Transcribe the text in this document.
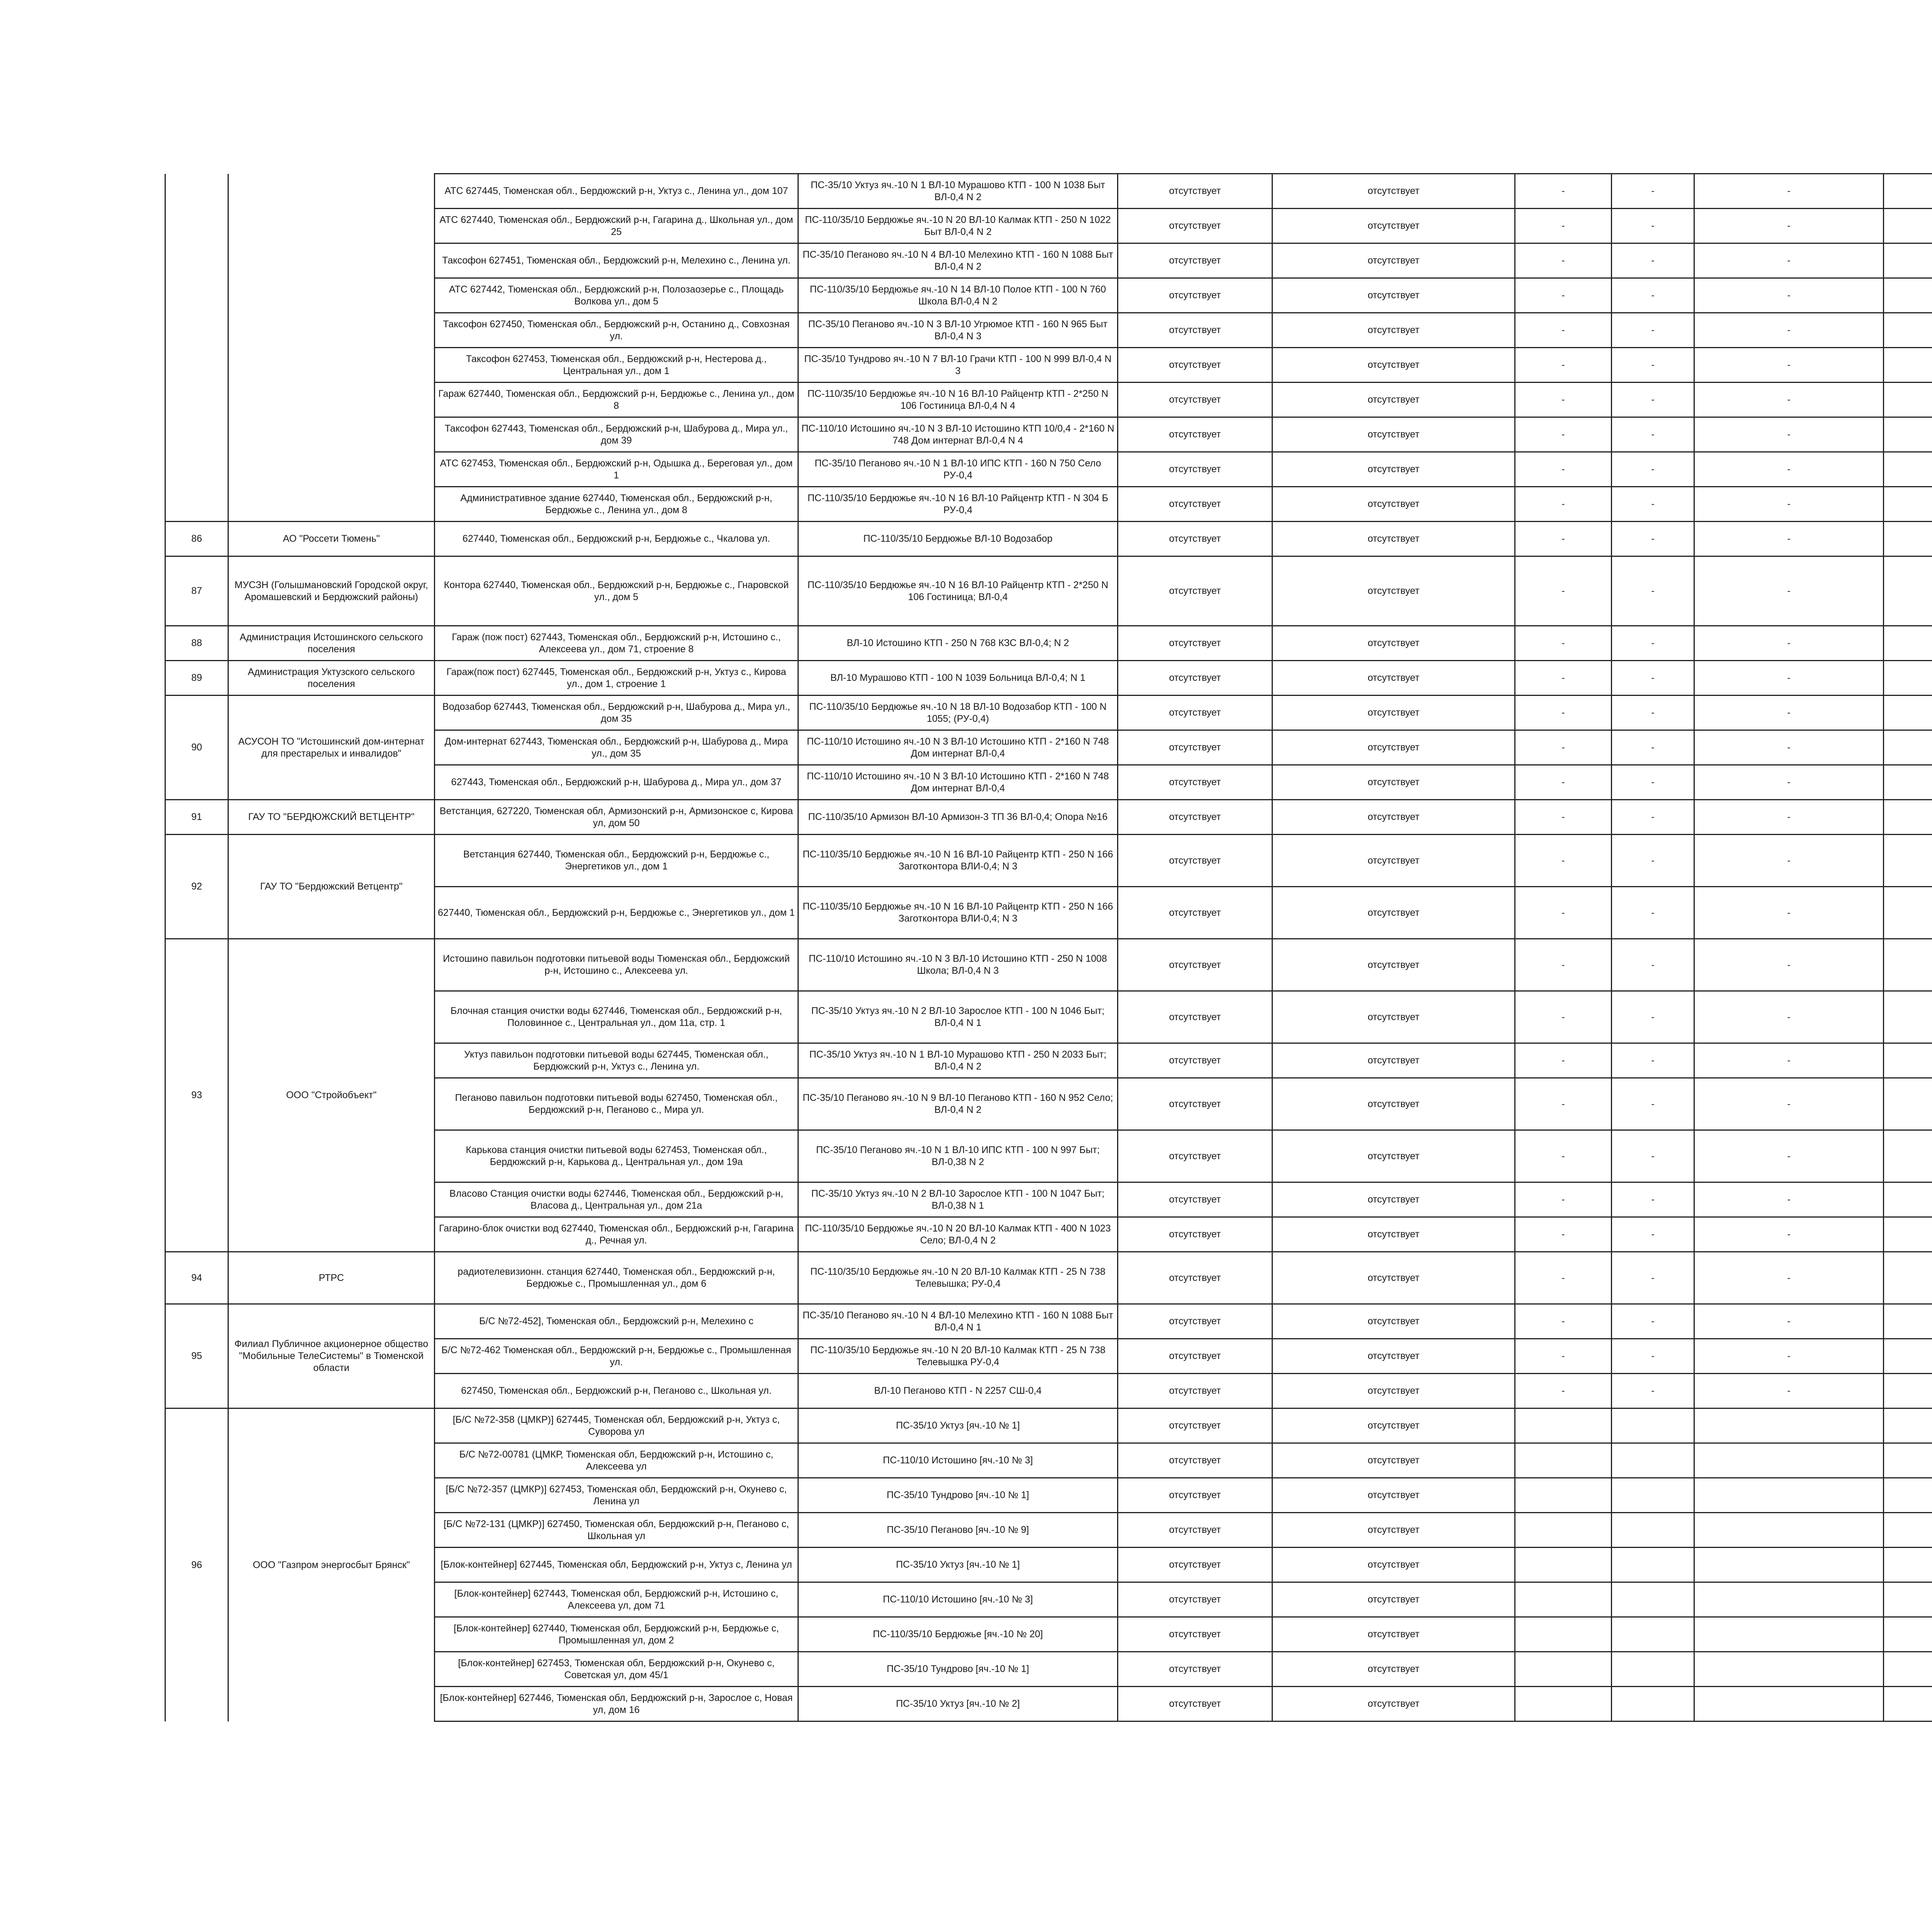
		АТС 627445, Тюменская обл., Бердюжский р-н, Уктуз с., Ленина ул., дом 107	ПС-35/10 Уктуз яч.-10 N 1 ВЛ-10 Мурашово КТП - 100 N 1038 Быт ВЛ-0,4 N 2	отсутствует	отсутствует	-	-	-		
		АТС 627440, Тюменская обл., Бердюжский р-н, Гагарина д., Школьная ул., дом 25	ПС-110/35/10 Бердюжье яч.-10 N 20 ВЛ-10 Калмак КТП - 250 N 1022 Быт ВЛ-0,4 N 2	отсутствует	отсутствует	-	-	-		
		Таксофон 627451, Тюменская обл., Бердюжский р-н, Мелехино с., Ленина ул.	ПС-35/10 Пеганово яч.-10 N 4 ВЛ-10 Мелехино КТП - 160 N 1088 Быт ВЛ-0,4 N 2	отсутствует	отсутствует	-	-	-		
		АТС 627442, Тюменская обл., Бердюжский р-н, Полозаозерье с., Площадь Волкова ул., дом 5	ПС-110/35/10 Бердюжье яч.-10 N 14 ВЛ-10 Полое КТП - 100 N 760 Школа ВЛ-0,4 N 2	отсутствует	отсутствует	-	-	-		
		Таксофон 627450, Тюменская обл., Бердюжский р-н, Останино д., Совхозная ул.	ПС-35/10 Пеганово яч.-10 N 3 ВЛ-10 Угрюмое КТП - 160 N 965 Быт ВЛ-0,4 N 3	отсутствует	отсутствует	-	-	-		
		Таксофон 627453, Тюменская обл., Бердюжский р-н, Нестерова д., Центральная ул., дом 1	ПС-35/10 Тундрово яч.-10 N 7 ВЛ-10 Грачи КТП - 100 N 999 ВЛ-0,4 N 3	отсутствует	отсутствует	-	-	-		
		Гараж 627440, Тюменская обл., Бердюжский р-н, Бердюжье с., Ленина ул., дом 8	ПС-110/35/10 Бердюжье яч.-10 N 16 ВЛ-10 Райцентр КТП - 2*250 N 106 Гостиница ВЛ-0,4 N 4	отсутствует	отсутствует	-	-	-		
		Таксофон 627443, Тюменская обл., Бердюжский р-н, Шабурова д., Мира ул., дом 39	ПС-110/10 Истошино яч.-10 N 3 ВЛ-10 Истошино КТП 10/0,4 - 2*160 N 748 Дом интернат ВЛ-0,4 N 4	отсутствует	отсутствует	-	-	-		
		АТС 627453, Тюменская обл., Бердюжский р-н, Одышка д., Береговая ул., дом 1	ПС-35/10 Пеганово яч.-10 N 1 ВЛ-10 ИПС КТП - 160 N 750 Село РУ-0,4	отсутствует	отсутствует	-	-	-		
		Административное здание 627440, Тюменская обл., Бердюжский р-н, Бердюжье с., Ленина ул., дом 8	ПС-110/35/10 Бердюжье яч.-10 N 16 ВЛ-10 Райцентр КТП - N 304 Б РУ-0,4	отсутствует	отсутствует	-	-	-		
86	АО "Россети Тюмень"	627440, Тюменская обл., Бердюжский р-н, Бердюжье с., Чкалова ул.	ПС-110/35/10 Бердюжье ВЛ-10 Водозабор	отсутствует	отсутствует	-	-	-		
87	МУСЗН (Голышмановский Городской округ, Аромашевский и Бердюжский районы)	Контора 627440, Тюменская обл., Бердюжский р-н, Бердюжье с., Гнаровской ул., дом 5	ПС-110/35/10 Бердюжье яч.-10 N 16 ВЛ-10 Райцентр КТП - 2*250 N 106 Гостиница; ВЛ-0,4	отсутствует	отсутствует	-	-	-		
88	Администрация Истошинского сельского поселения	Гараж (пож пост) 627443, Тюменская обл., Бердюжский р-н, Истошино с., Алексеева ул., дом 71, строение 8	ВЛ-10 Истошино КТП - 250 N 768 КЗС ВЛ-0,4; N 2	отсутствует	отсутствует	-	-	-		
89	Администрация Уктузского сельского поселения	Гараж(пож пост) 627445, Тюменская обл., Бердюжский р-н, Уктуз с., Кирова ул., дом 1, строение 1	ВЛ-10 Мурашово КТП - 100 N 1039 Больница ВЛ-0,4; N 1	отсутствует	отсутствует	-	-	-		
90	АСУСОН ТО "Истошинский дом-интернат для престарелых и инвалидов"	Водозабор 627443, Тюменская обл., Бердюжский р-н, Шабурова д., Мира ул., дом 35	ПС-110/35/10 Бердюжье яч.-10 N 18 ВЛ-10 Водозабор КТП - 100 N 1055; (РУ-0,4)	отсутствует	отсутствует	-	-	-		
		Дом-интернат 627443, Тюменская обл., Бердюжский р-н, Шабурова д., Мира ул., дом 35	ПС-110/10 Истошино яч.-10 N 3 ВЛ-10 Истошино КТП - 2*160 N 748 Дом интернат ВЛ-0,4	отсутствует	отсутствует	-	-	-		
		627443, Тюменская обл., Бердюжский р-н, Шабурова д., Мира ул., дом 37	ПС-110/10 Истошино яч.-10 N 3 ВЛ-10 Истошино КТП - 2*160 N 748 Дом интернат ВЛ-0,4	отсутствует	отсутствует	-	-	-		
91	ГАУ ТО "БЕРДЮЖСКИЙ ВЕТЦЕНТР"	Ветстанция, 627220, Тюменская обл, Армизонский р-н, Армизонское с, Кирова ул, дом 50	ПС-110/35/10 Армизон ВЛ-10 Армизон-3 ТП 36 ВЛ-0,4; Опора №16	отсутствует	отсутствует	-	-	-		
92	ГАУ ТО "Бердюжский Ветцентр"	Ветстанция 627440, Тюменская обл., Бердюжский р-н, Бердюжье с., Энергетиков ул., дом 1	ПС-110/35/10 Бердюжье яч.-10 N 16 ВЛ-10 Райцентр КТП - 250 N 166 Заготконтора ВЛИ-0,4; N 3	отсутствует	отсутствует	-	-	-		
		627440, Тюменская обл., Бердюжский р-н, Бердюжье с., Энергетиков ул., дом 1	ПС-110/35/10 Бердюжье яч.-10 N 16 ВЛ-10 Райцентр КТП - 250 N 166 Заготконтора ВЛИ-0,4; N 3	отсутствует	отсутствует	-	-	-		
93	ООО "Стройобъект"	Истошино павильон подготовки питьевой воды Тюменская обл., Бердюжский р-н, Истошино с., Алексеева ул.	ПС-110/10 Истошино яч.-10 N 3 ВЛ-10 Истошино КТП - 250 N 1008 Школа; ВЛ-0,4 N 3	отсутствует	отсутствует	-	-	-		
		Блочная станция очистки воды 627446, Тюменская обл., Бердюжский р-н, Половинное с., Центральная ул., дом 11а, стр. 1	ПС-35/10 Уктуз яч.-10 N 2 ВЛ-10 Зарослое КТП - 100 N 1046 Быт; ВЛ-0,4 N 1	отсутствует	отсутствует	-	-	-		
		Уктуз павильон подготовки питьевой воды 627445, Тюменская обл., Бердюжский р-н, Уктуз с., Ленина ул.	ПС-35/10 Уктуз яч.-10 N 1 ВЛ-10 Мурашово КТП - 250 N 2033 Быт; ВЛ-0,4 N 2	отсутствует	отсутствует	-	-	-		
		Пеганово павильон подготовки питьевой воды 627450, Тюменская обл., Бердюжский р-н, Пеганово с., Мира ул.	ПС-35/10 Пеганово яч.-10 N 9 ВЛ-10 Пеганово КТП - 160 N 952 Село; ВЛ-0,4 N 2	отсутствует	отсутствует	-	-	-		
		Карькова станция очистки питьевой воды 627453, Тюменская обл., Бердюжский р-н, Карькова д., Центральная ул., дом 19а	ПС-35/10 Пеганово яч.-10 N 1 ВЛ-10 ИПС КТП - 100 N 997 Быт; ВЛ-0,38 N 2	отсутствует	отсутствует	-	-	-		
		Власово Станция очистки воды 627446, Тюменская обл., Бердюжский р-н, Власова д., Центральная ул., дом 21а	ПС-35/10 Уктуз яч.-10 N 2 ВЛ-10 Зарослое КТП - 100 N 1047 Быт; ВЛ-0,38 N 1	отсутствует	отсутствует	-	-	-		
		Гагарино-блок очистки вод 627440, Тюменская обл., Бердюжский р-н, Гагарина д., Речная ул.	ПС-110/35/10 Бердюжье яч.-10 N 20 ВЛ-10 Калмак КТП - 400 N 1023 Село; ВЛ-0,4 N 2	отсутствует	отсутствует	-	-	-		
94	РТРС	радиотелевизионн. станция 627440, Тюменская обл., Бердюжский р-н, Бердюжье с., Промышленная ул., дом 6	ПС-110/35/10 Бердюжье яч.-10 N 20 ВЛ-10 Калмак КТП - 25 N 738 Телевышка; РУ-0,4	отсутствует	отсутствует	-	-	-		
95	Филиал Публичное акционерное общество "Мобильные ТелеСистемы" в Тюменской области	Б/С №72-452], Тюменская обл., Бердюжский р-н, Мелехино с	ПС-35/10 Пеганово яч.-10 N 4 ВЛ-10 Мелехино КТП - 160 N 1088 Быт ВЛ-0,4 N 1	отсутствует	отсутствует	-	-	-		
		Б/С №72-462 Тюменская обл., Бердюжский р-н, Бердюжье с., Промышленная ул.	ПС-110/35/10 Бердюжье яч.-10 N 20 ВЛ-10 Калмак КТП - 25 N 738 Телевышка РУ-0,4	отсутствует	отсутствует	-	-	-		
		627450, Тюменская обл., Бердюжский р-н, Пеганово с., Школьная ул.	ВЛ-10 Пеганово КТП - N 2257 СШ-0,4	отсутствует	отсутствует	-	-	-		
96	ООО "Газпром энергосбыт Брянск"	[Б/С №72-358 (ЦМКР)] 627445, Тюменская обл, Бердюжский р-н, Уктуз с, Суворова ул	ПС-35/10 Уктуз [яч.-10 № 1]	отсутствует	отсутствует					
		Б/С №72-00781 (ЦМКР, Тюменская обл, Бердюжский р-н, Истошино с, Алексеева ул	ПС-110/10 Истошино [яч.-10 № 3]	отсутствует	отсутствует					
		[Б/С №72-357 (ЦМКР)] 627453, Тюменская обл, Бердюжский р-н, Окунево с, Ленина ул	ПС-35/10 Тундрово [яч.-10 № 1]	отсутствует	отсутствует					
		[Б/С №72-131 (ЦМКР)] 627450, Тюменская обл, Бердюжский р-н, Пеганово с, Школьная ул	ПС-35/10 Пеганово [яч.-10 № 9]	отсутствует	отсутствует					
		[Блок-контейнер] 627445, Тюменская обл, Бердюжский р-н, Уктуз с, Ленина ул	ПС-35/10 Уктуз [яч.-10 № 1]	отсутствует	отсутствует					
		[Блок-контейнер] 627443, Тюменская обл, Бердюжский р-н, Истошино с, Алексеева ул, дом 71	ПС-110/10 Истошино [яч.-10 № 3]	отсутствует	отсутствует					
		[Блок-контейнер] 627440, Тюменская обл, Бердюжский р-н, Бердюжье с, Промышленная ул, дом 2	ПС-110/35/10 Бердюжье [яч.-10 № 20]	отсутствует	отсутствует					
		[Блок-контейнер] 627453, Тюменская обл, Бердюжский р-н, Окунево с, Советская ул, дом 45/1	ПС-35/10 Тундрово [яч.-10 № 1]	отсутствует	отсутствует					
		[Блок-контейнер] 627446, Тюменская обл, Бердюжский р-н, Зарослое с, Новая ул, дом 16	ПС-35/10 Уктуз [яч.-10 № 2]	отсутствует	отсутствует					
